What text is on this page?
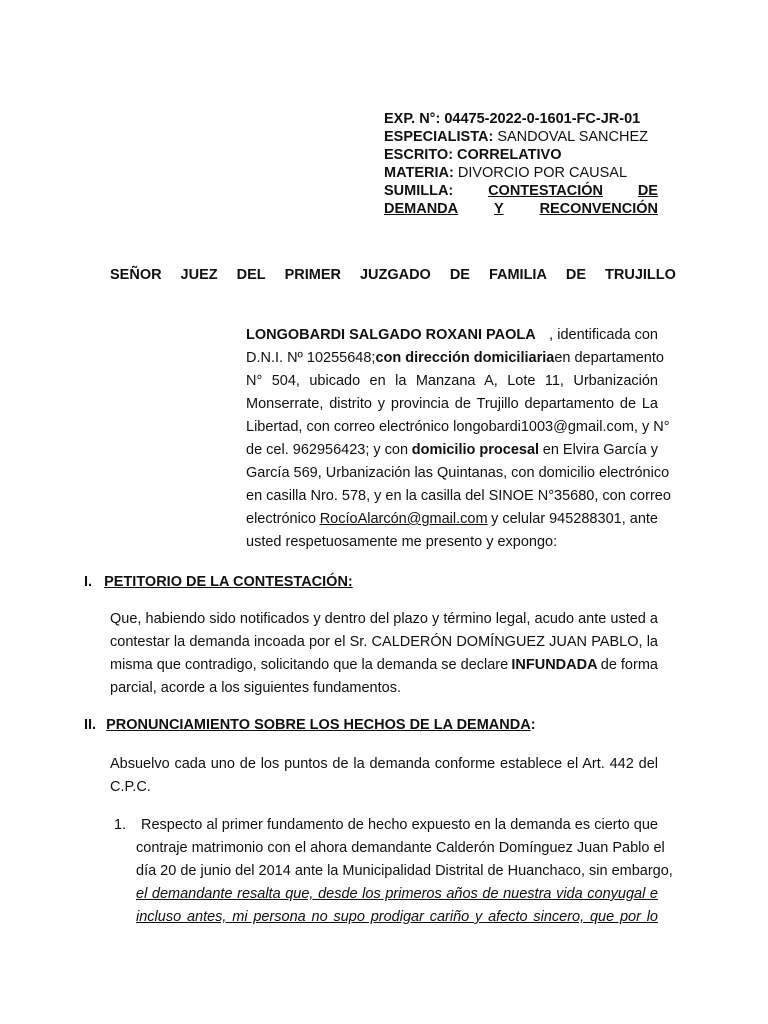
EXP. N°: 04475-2022-0-1601-FC-JR-01
ESPECIALISTA: SANDOVAL SANCHEZ
ESCRITO: CORRELATIVO
MATERIA: DIVORCIO POR CAUSAL
SUMILLA: CONTESTACIÓN DE
DEMANDA Y RECONVENCIÓN
SEÑOR JUEZ DEL PRIMER JUZGADO DE FAMILIA DE TRUJILLO
LONGOBARDI SALGADO ROXANI PAOLA , identificada con
D.N.I. Nº 10255648; con dirección domiciliaria en departamento
N° 504, ubicado en la Manzana A, Lote 11, Urbanización
Monserrate, distrito y provincia de Trujillo departamento de La
Libertad, con correo electrónico longobardi1003@gmail.com, y N°
de cel. 962956423; y con domicilio procesal en Elvira García y
García 569, Urbanización las Quintanas, con domicilio electrónico
en casilla Nro. 578, y en la casilla del SINOE N°35680, con correo
electrónico RocíoAlarcón@gmail.com y celular 945288301, ante
usted respetuosamente me presento y expongo:
I. PETITORIO DE LA CONTESTACIÓN:
Que, habiendo sido notificados y dentro del plazo y término legal, acudo ante usted a
contestar la demanda incoada por el Sr. CALDERÓN DOMÍNGUEZ JUAN PABLO, la
misma que contradigo, solicitando que la demanda se declare INFUNDADA de forma
parcial, acorde a los siguientes fundamentos.
II. PRONUNCIAMIENTO SOBRE LOS HECHOS DE LA DEMANDA:
Absuelvo cada uno de los puntos de la demanda conforme establece el Art. 442 del
C.P.C.
1.	Respecto al primer fundamento de hecho expuesto en la demanda es cierto que
contraje matrimonio con el ahora demandante Calderón Domínguez Juan Pablo el
día 20 de junio del 2014 ante la Municipalidad Distrital de Huanchaco, sin embargo,
el demandante resalta que, desde los primeros años de nuestra vida conyugal e
incluso antes, mi persona no supo prodigar cariño y afecto sincero, que por lo
